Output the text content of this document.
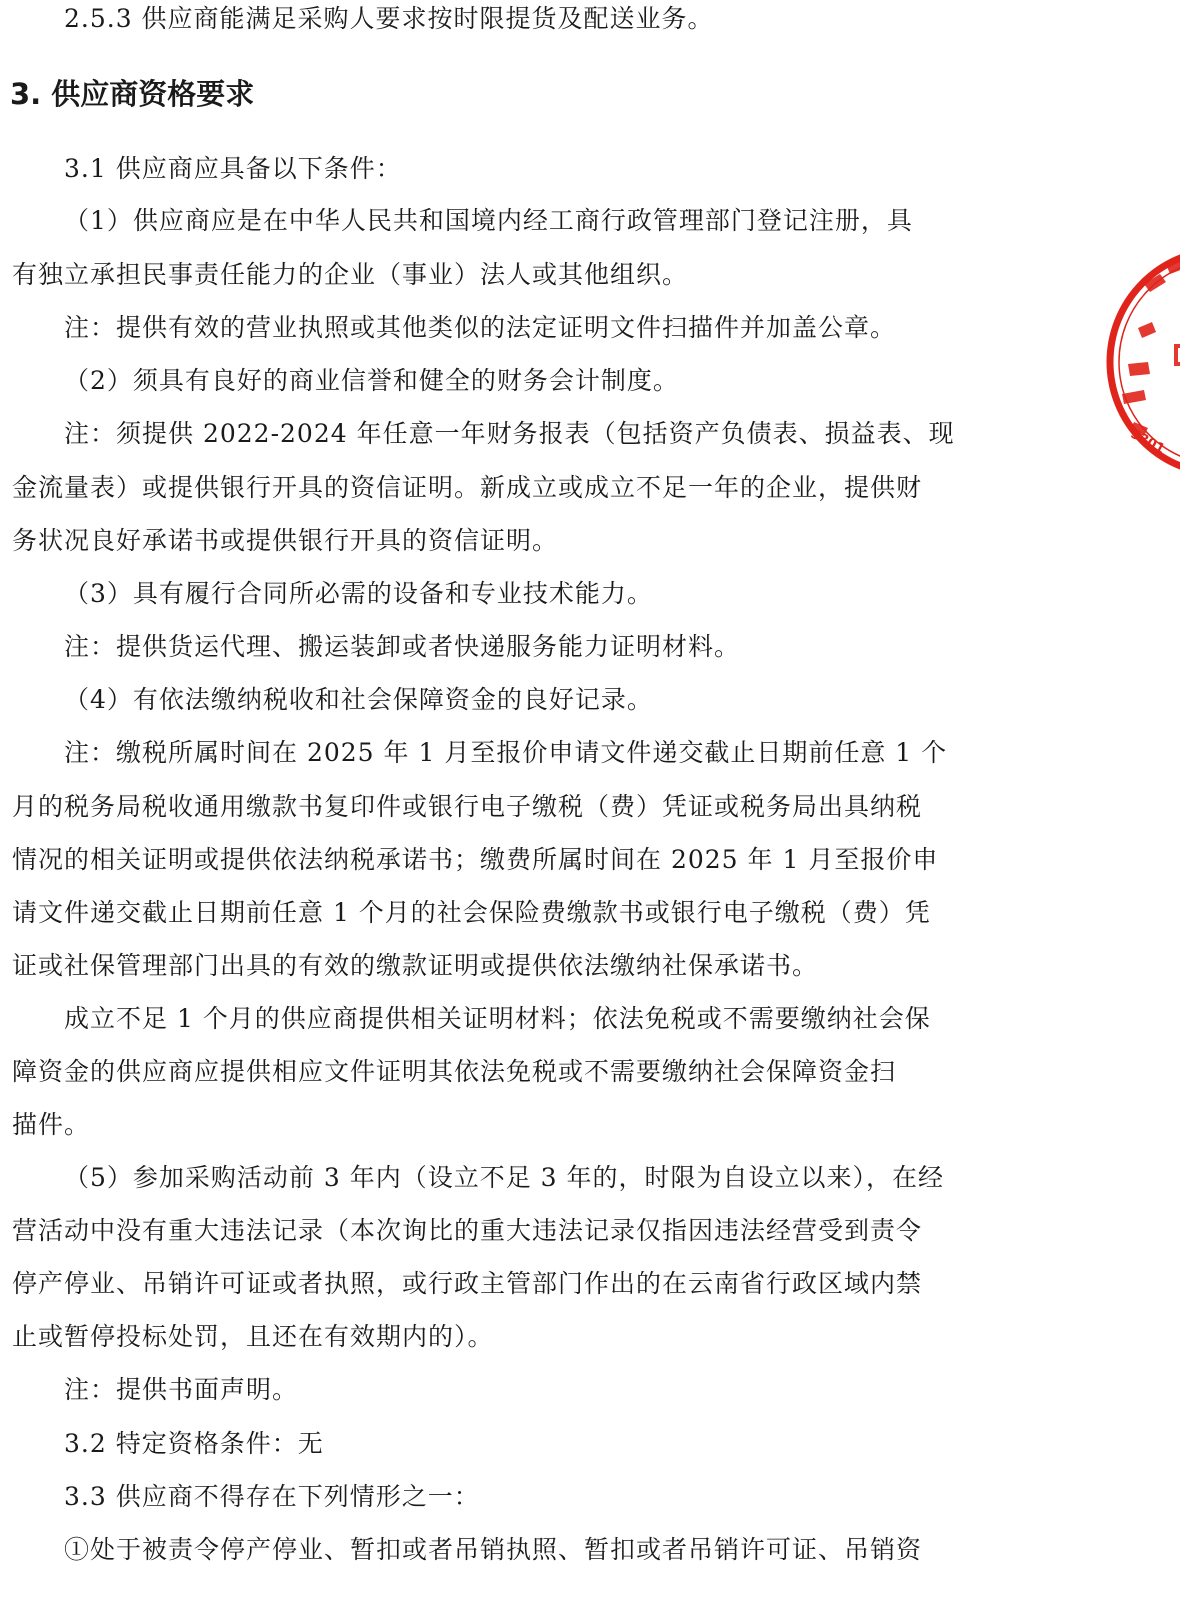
2.5.3 供应商能满足采购人要求按时限提货及配送业务。
3. 供应商资格要求
3.1 供应商应具备以下条件：
（1）供应商应是在中华人民共和国境内经工商行政管理部门登记注册，具
有独立承担民事责任能力的企业（事业）法人或其他组织。
注：提供有效的营业执照或其他类似的法定证明文件扫描件并加盖公章。
（2）须具有良好的商业信誉和健全的财务会计制度。
注：须提供 2022-2024 年任意一年财务报表（包括资产负债表、损益表、现
金流量表）或提供银行开具的资信证明。新成立或成立不足一年的企业，提供财
务状况良好承诺书或提供银行开具的资信证明。
（3）具有履行合同所必需的设备和专业技术能力。
注：提供货运代理、搬运装卸或者快递服务能力证明材料。
（4）有依法缴纳税收和社会保障资金的良好记录。
注：缴税所属时间在 2025 年 1 月至报价申请文件递交截止日期前任意 1 个
月的税务局税收通用缴款书复印件或银行电子缴税（费）凭证或税务局出具纳税
情况的相关证明或提供依法纳税承诺书；缴费所属时间在 2025 年 1 月至报价申
请文件递交截止日期前任意 1 个月的社会保险费缴款书或银行电子缴税（费）凭
证或社保管理部门出具的有效的缴款证明或提供依法缴纳社保承诺书。
成立不足 1 个月的供应商提供相关证明材料；依法免税或不需要缴纳社会保
障资金的供应商应提供相应文件证明其依法免税或不需要缴纳社会保障资金扫
描件。
（5）参加采购活动前 3 年内（设立不足 3 年的，时限为自设立以来），在经
营活动中没有重大违法记录（本次询比的重大违法记录仅指因违法经营受到责令
停产停业、吊销许可证或者执照，或行政主管部门作出的在云南省行政区域内禁
止或暂停投标处罚，且还在有效期内的）。
注：提供书面声明。
3.2 特定资格条件：无
3.3 供应商不得存在下列情形之一：
①处于被责令停产停业、暂扣或者吊销执照、暂扣或者吊销许可证、吊销资
5301
